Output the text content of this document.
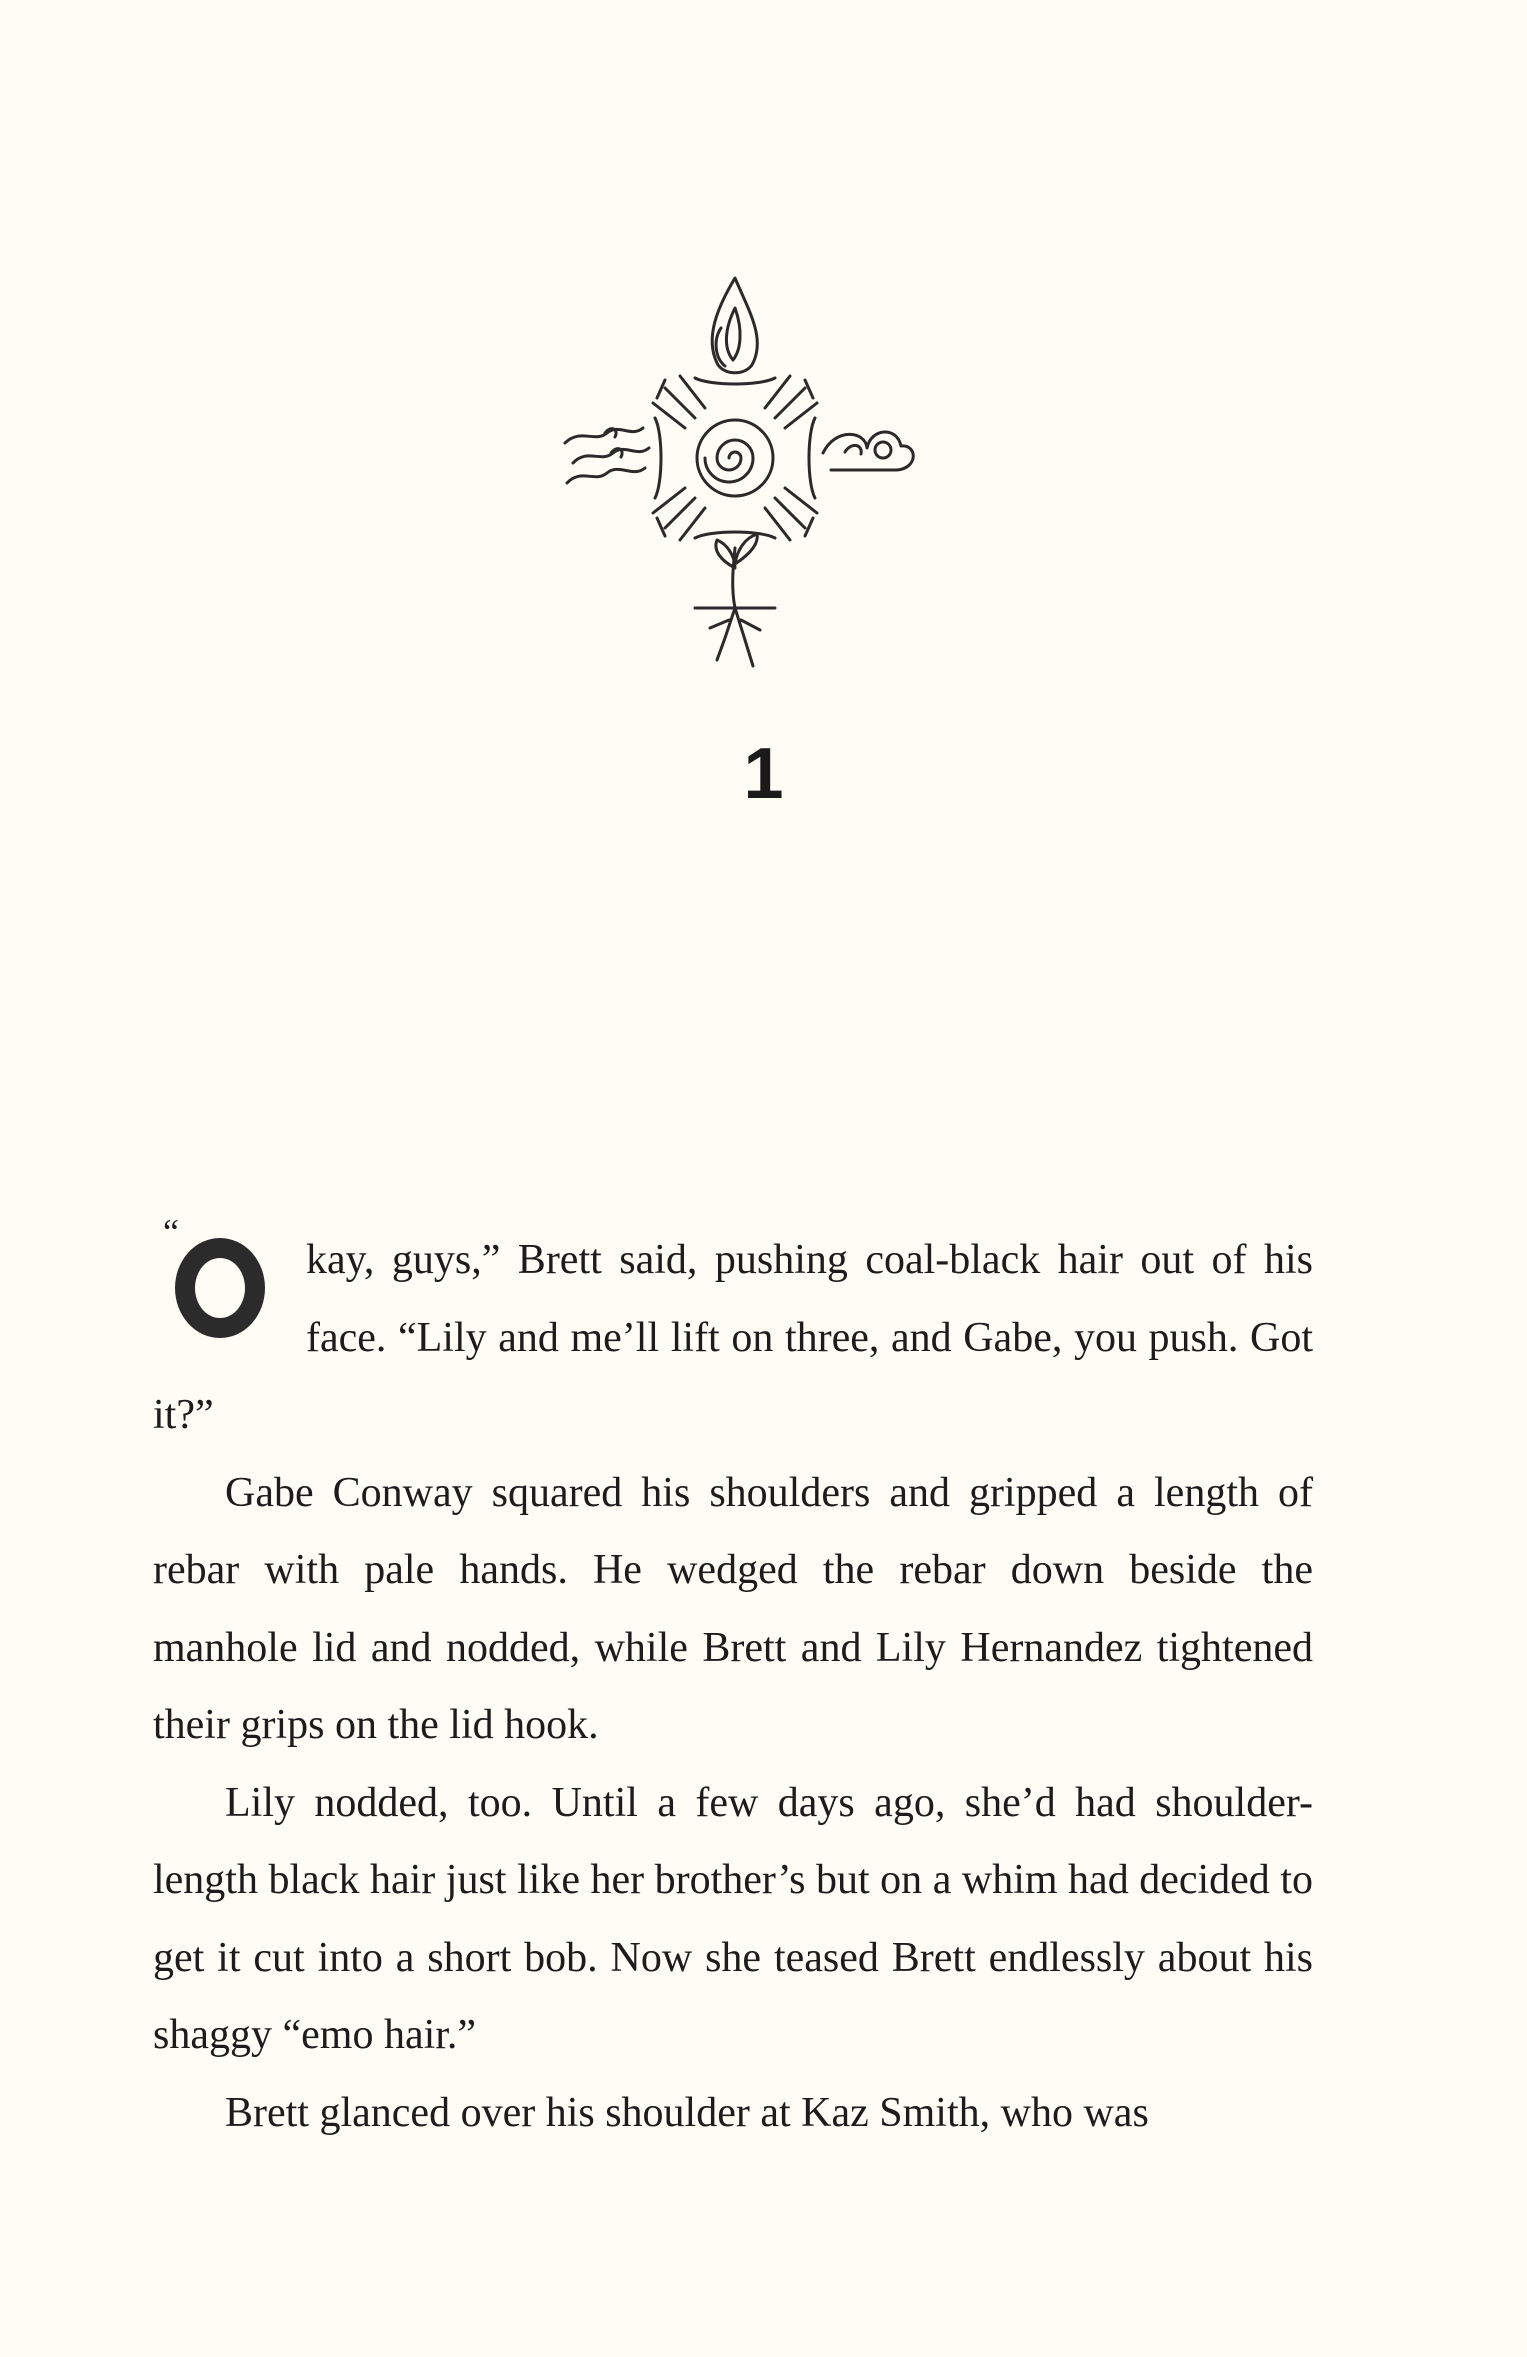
1

“
kay, guys,” Brett said, pushing coal-black hair out of his face. “Lily and me’ll lift on three, and Gabe, you push. Got it?”

Gabe Conway squared his shoulders and gripped a length of rebar with pale hands. He wedged the rebar down beside the manhole lid and nodded, while Brett and Lily Hernandez tightened their grips on the lid hook.

Lily nodded, too. Until a few days ago, she’d had shoulder-length black hair just like her brother’s but on a whim had decided to get it cut into a short bob. Now she teased Brett endlessly about his shaggy “emo hair.”

Brett glanced over his shoulder at Kaz Smith, who was
